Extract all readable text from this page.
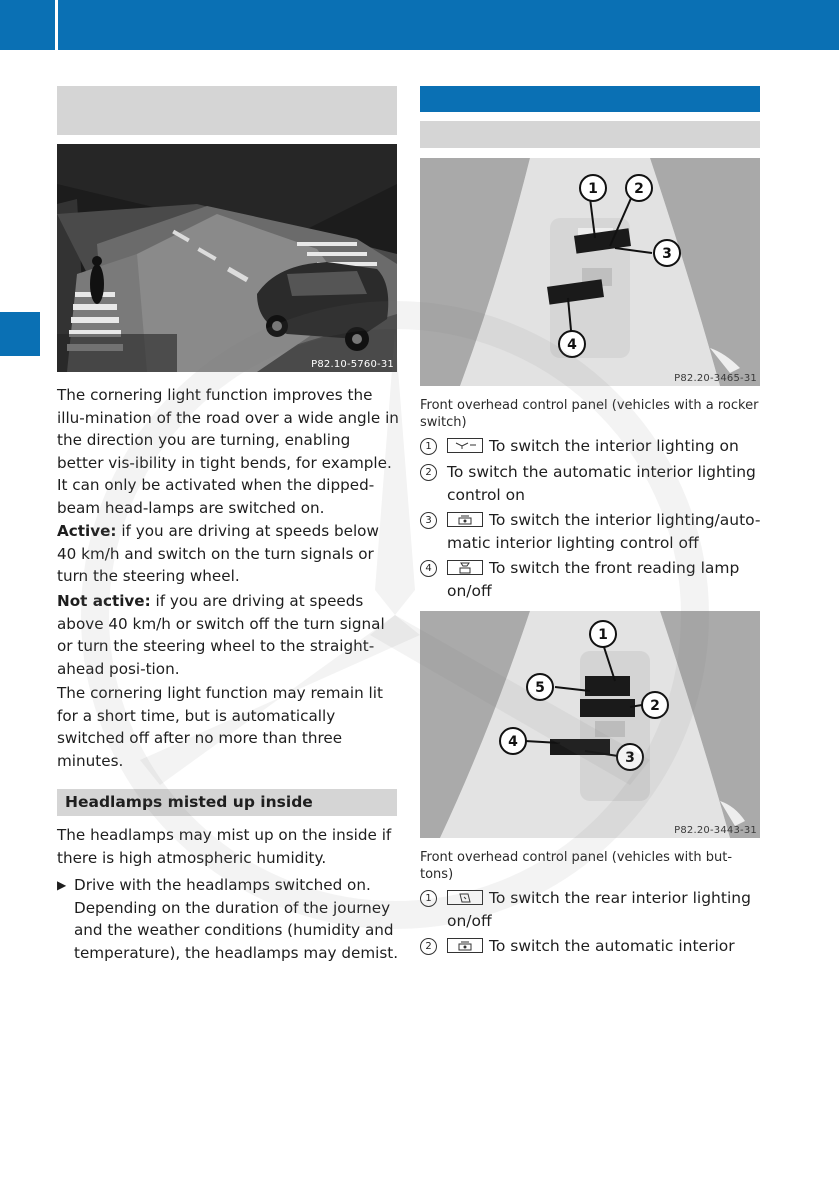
P82.10-5760-31

The cornering light function improves the illu-mination of the road over a wide angle in the direction you are turning, enabling better vis-ibility in tight bends, for example. It can only be activated when the dipped-beam head-lamps are switched on.

Active: if you are driving at speeds below 40 km/h and switch on the turn signals or turn the steering wheel.

Not active: if you are driving at speeds above 40 km/h or switch off the turn signal or turn the steering wheel to the straight-ahead posi-tion.

The cornering light function may remain lit for a short time, but is automatically switched off after no more than three minutes.

Headlamps misted up inside

The headlamps may mist up on the inside if there is high atmospheric humidity.

▶ Drive with the headlamps switched on. Depending on the duration of the journey and the weather conditions (humidity and temperature), the headlamps may demist.
1	2
3
4
P82.20-3465-31
Front overhead control panel (vehicles with a rocker switch)
1	To switch the interior lighting on
2 To switch the automatic interior lighting control on
3	To switch the interior lighting/auto-matic interior lighting control off
4	To switch the front reading lamp on/off
1
5
2
4
3
P82.20-3443-31
Front overhead control panel (vehicles with but-tons)
1	To switch the rear interior lighting on/off
2	To switch the automatic interior
